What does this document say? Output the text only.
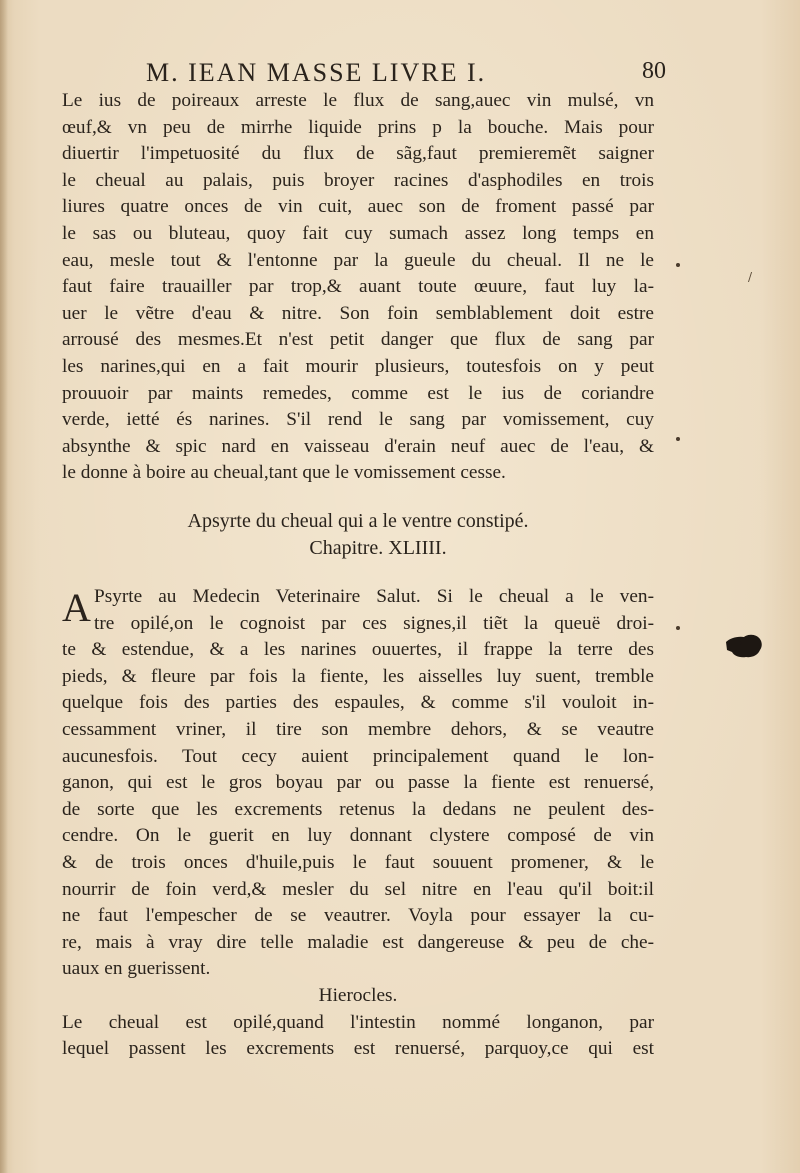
M. IEAN MASSE LIVRE I.	80
Le ius de poireaux arreste le flux de sang,auec vin mulsé, vn
œuf,& vn peu de mirrhe liquide prins p la bouche. Mais pour
diuertir l'impetuosité du flux de sãg,faut premieremẽt saigner
le cheual au palais, puis broyer racines d'asphodiles en trois
liures quatre onces de vin cuit, auec son de froment passé par
le sas ou bluteau, quoy fait cuy sumach assez long temps en
eau, mesle tout & l'entonne par la gueule du cheual. Il ne le
faut faire trauailler par trop,& auant toute œuure, faut luy la-
uer le vẽtre d'eau & nitre. Son foin semblablement doit estre
arrousé des mesmes.Et n'est petit danger que flux de sang par
les narines,qui en a fait mourir plusieurs, toutesfois on y peut
prouuoir par maints remedes, comme est le ius de coriandre
verde, ietté és narines. S'il rend le sang par vomissement, cuy
absynthe & spic nard en vaisseau d'erain neuf auec de l'eau, &
le donne à boire au cheual,tant que le vomissement cesse.
/
Apsyrte du cheual qui a le ventre constipé.
Chapitre. XLIIII.
A Psyrte au Medecin Veterinaire Salut. Si le cheual a le ven-
tre opilé,on le cognoist par ces signes,il tiẽt la queuë droi-
te & estendue, & a les narines ouuertes, il frappe la terre des
pieds, & fleure par fois la fiente, les aisselles luy suent, tremble
quelque fois des parties des espaules, & comme s'il vouloit in-
cessamment vriner, il tire son membre dehors, & se veautre
aucunesfois. Tout cecy auient principalement quand le lon-
ganon, qui est le gros boyau par ou passe la fiente est renuersé,
de sorte que les excrements retenus la dedans ne peulent des-
cendre. On le guerit en luy donnant clystere composé de vin
& de trois onces d'huile,puis le faut souuent promener, & le
nourrir de foin verd,& mesler du sel nitre en l'eau qu'il boit:il
ne faut l'empescher de se veautrer. Voyla pour essayer la cu-
re, mais à vray dire telle maladie est dangereuse & peu de che-
uaux en guerissent.
Hierocles.
Le cheual est opilé,quand l'intestin nommé longanon, par
lequel passent les excrements est renuersé, parquoy,ce qui est
